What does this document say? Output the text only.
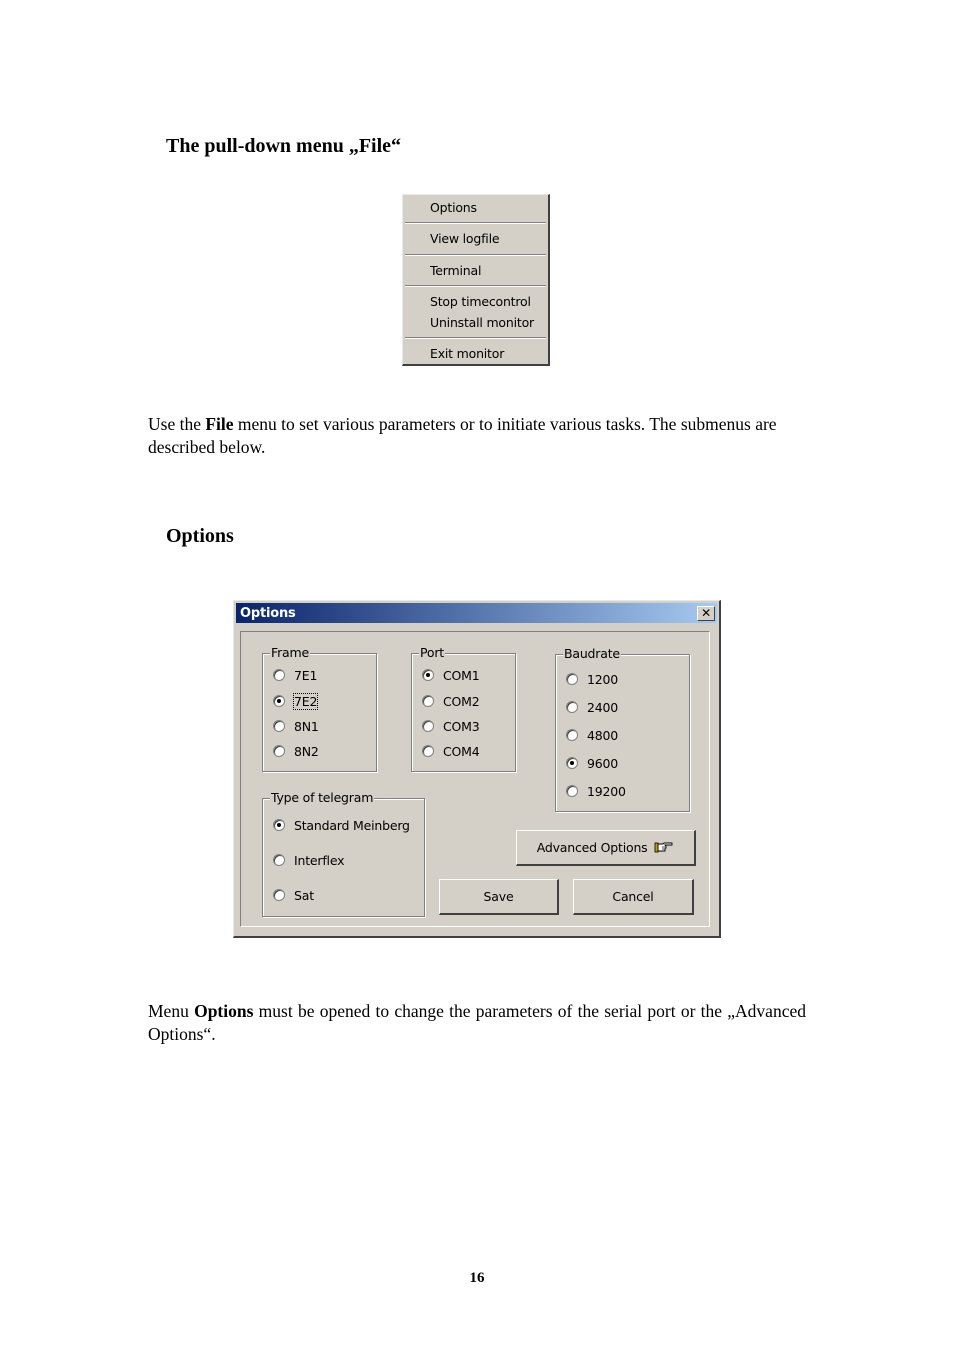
The pull-down menu „File“
Options
View logfile
Terminal
Stop timecontrol
Uninstall monitor
Exit monitor

Use the File menu to set various parameters or to initiate various tasks. The submenus are described below.

Options
Options	✕
Frame
7E1
7E2
8N1
8N2
Port
COM1
COM2
COM3
COM4
Baudrate
1200
2400
4800
9600
19200
Type of telegram
Standard Meinberg
Interflex
Sat
Advanced Options
Save	Cancel

Menu Options must be opened to change the parameters of the serial port or the „Advanced Options“.

16
